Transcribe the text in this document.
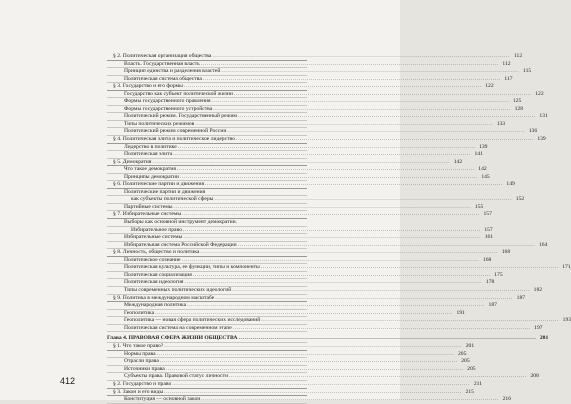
§ 2. Политическая организация общества .....	112
Власть. Государственная власть .....	112
Принцип единства и разделения властей .....	115
Политическая система общества .....	117
§ 3. Государство и его формы .....	122
Государство как субъект политической жизни .....	122
Формы государственного правления .....	125
Формы государственного устройства .....	128
Политический режим. Государственный режим .....	131
Типы политических режимов .....	133
Политический режим современной России .....	136
§ 4. Политическая элита и политическое лидерство .....	139
Лидерство в политике .....	139
Политическая элита .....	141
§ 5. Демократия .....	142
Что такое демократия .....	142
Принципы демократии .....	145
§ 6. Политические партии и движения .....	149
Политические партии и движения
как субъекты политической сферы .....	152
Партийные системы .....	155
§ 7. Избирательные системы .....	157
Выборы как основной инструмент демократии.
Избирательное право .....	157
Избирательные системы .....	161
Избирательная система Российской Федерации .....	164
§ 8. Личность, общество и политика .....	168
Политическое сознание .....	168
Политическая культура, ее функции, типы и компоненты .....	171
Политическая социализация .....	175
Политическая идеология .....	178
Типы современных политических идеологий .....	182
§ 9. Политика в международном масштабе .....	187
Международная политика .....	187
Геополитика .....	191
Геополитика — новая сфера политических исследований .....	193
Политическая система на современном этапе .....	197
Глава 4. ПРАВОВАЯ СФЕРА ЖИЗНИ ОБЩЕСТВА .....	201
§ 1. Что такое право? .....	201
Нормы права .....	205
Отрасли права .....	205
Источники права .....	205
Субъекты права. Правовой статус личности .....	208
§ 2. Государство и право .....	211
§ 3. Закон и его виды .....	215
Конституция — основной закон .....	216
412
